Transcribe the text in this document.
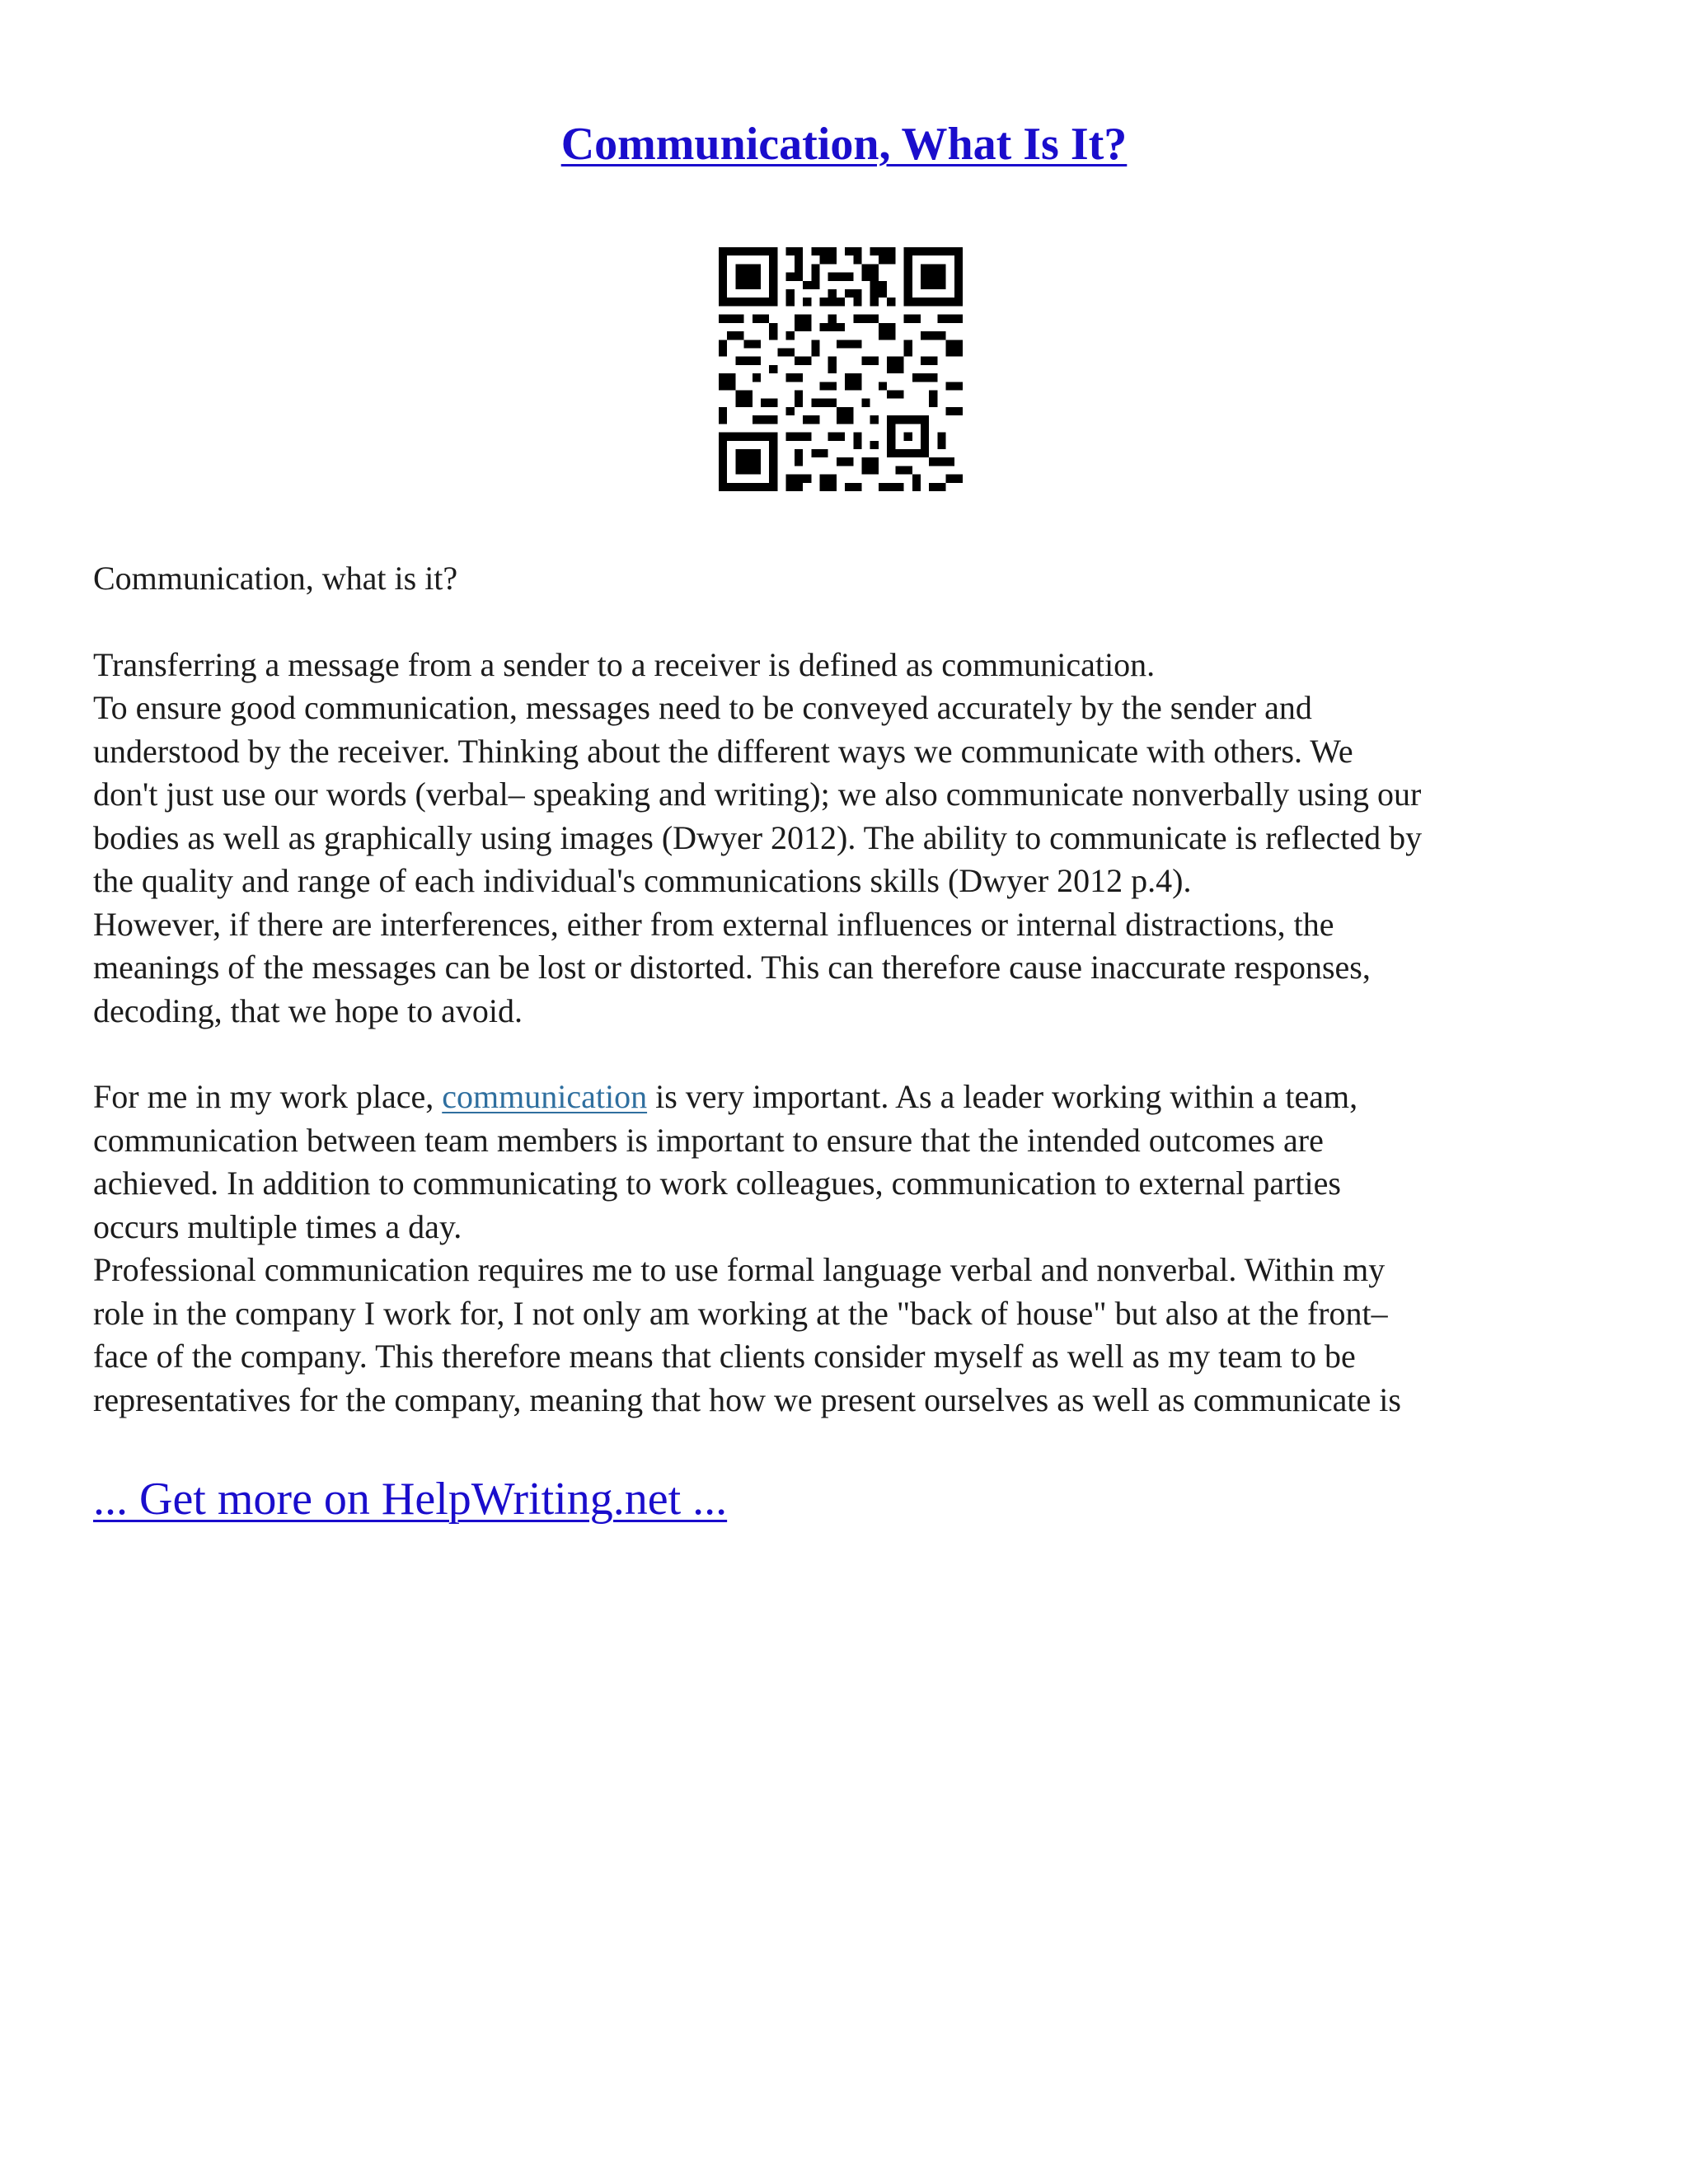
Communication, What Is It?

Communication, what is it?

Transferring a message from a sender to a receiver is defined as communication.

To ensure good communication, messages need to be conveyed accurately by the sender and

understood by the receiver. Thinking about the different ways we communicate with others. We

don't just use our words (verbal– speaking and writing); we also communicate nonverbally using our

bodies as well as graphically using images (Dwyer 2012). The ability to communicate is reflected by

the quality and range of each individual's communications skills (Dwyer 2012 p.4).

However, if there are interferences, either from external influences or internal distractions, the

meanings of the messages can be lost or distorted. This can therefore cause inaccurate responses,

decoding, that we hope to avoid.

For me in my work place, communication is very important. As a leader working within a team,

communication between team members is important to ensure that the intended outcomes are

achieved. In addition to communicating to work colleagues, communication to external parties

occurs multiple times a day.

Professional communication requires me to use formal language verbal and nonverbal. Within my

role in the company I work for, I not only am working at the "back of house" but also at the front–

face of the company. This therefore means that clients consider myself as well as my team to be

representatives for the company, meaning that how we present ourselves as well as communicate is

... Get more on HelpWriting.net ...
